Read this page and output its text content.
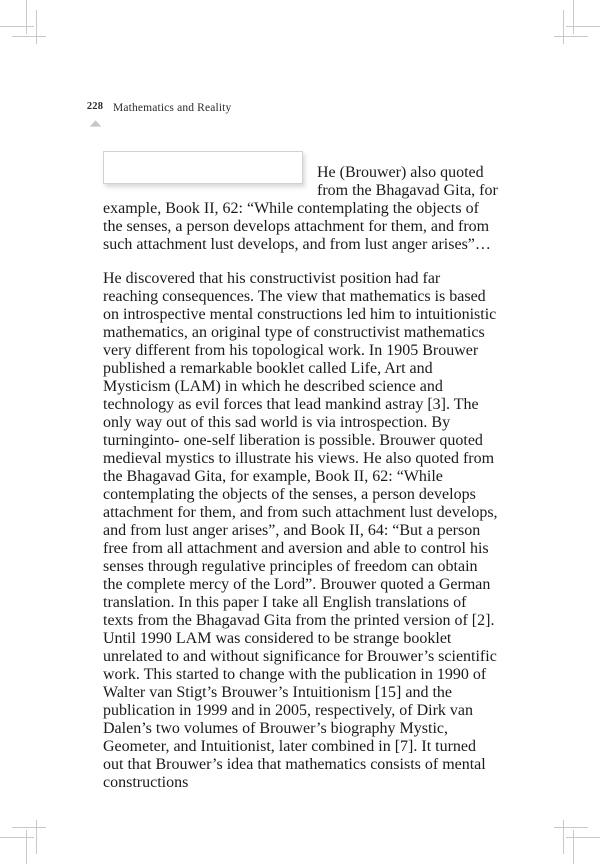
228 Mathematics and Reality

He (Brouwer) also quoted from the Bhagavad Gita, for example, Book II, 62: “While contemplating the objects of the senses, a person develops attachment for them, and from such attachment lust develops, and from lust anger arises”…

He discovered that his constructivist position had far reaching consequences. The view that mathematics is based on introspective mental constructions led him to intuitionistic mathematics, an original type of constructivist mathematics very different from his topological work. In 1905 Brouwer published a remarkable booklet called Life, Art and Mysticism (LAM) in which he described science and technology as evil forces that lead mankind astray [3]. The only way out of this sad world is via introspection. By turninginto- one-self liberation is possible. Brouwer quoted medieval mystics to illustrate his views. He also quoted from the Bhagavad Gita, for example, Book II, 62: “While contemplating the objects of the senses, a person develops attachment for them, and from such attachment lust develops, and from lust anger arises”, and Book II, 64: “But a person free from all attachment and aversion and able to control his senses through regulative principles of freedom can obtain the complete mercy of the Lord”. Brouwer quoted a German translation. In this paper I take all English translations of texts from the Bhagavad Gita from the printed version of [2]. Until 1990 LAM was considered to be strange booklet unrelated to and without significance for Brouwer’s scientific work. This started to change with the publication in 1990 of Walter van Stigt’s Brouwer’s Intuitionism [15] and the publication in 1999 and in 2005, respectively, of Dirk van Dalen’s two volumes of Brouwer’s biography Mystic, Geometer, and Intuitionist, later combined in [7]. It turned out that Brouwer’s idea that mathematics consists of mental constructions
